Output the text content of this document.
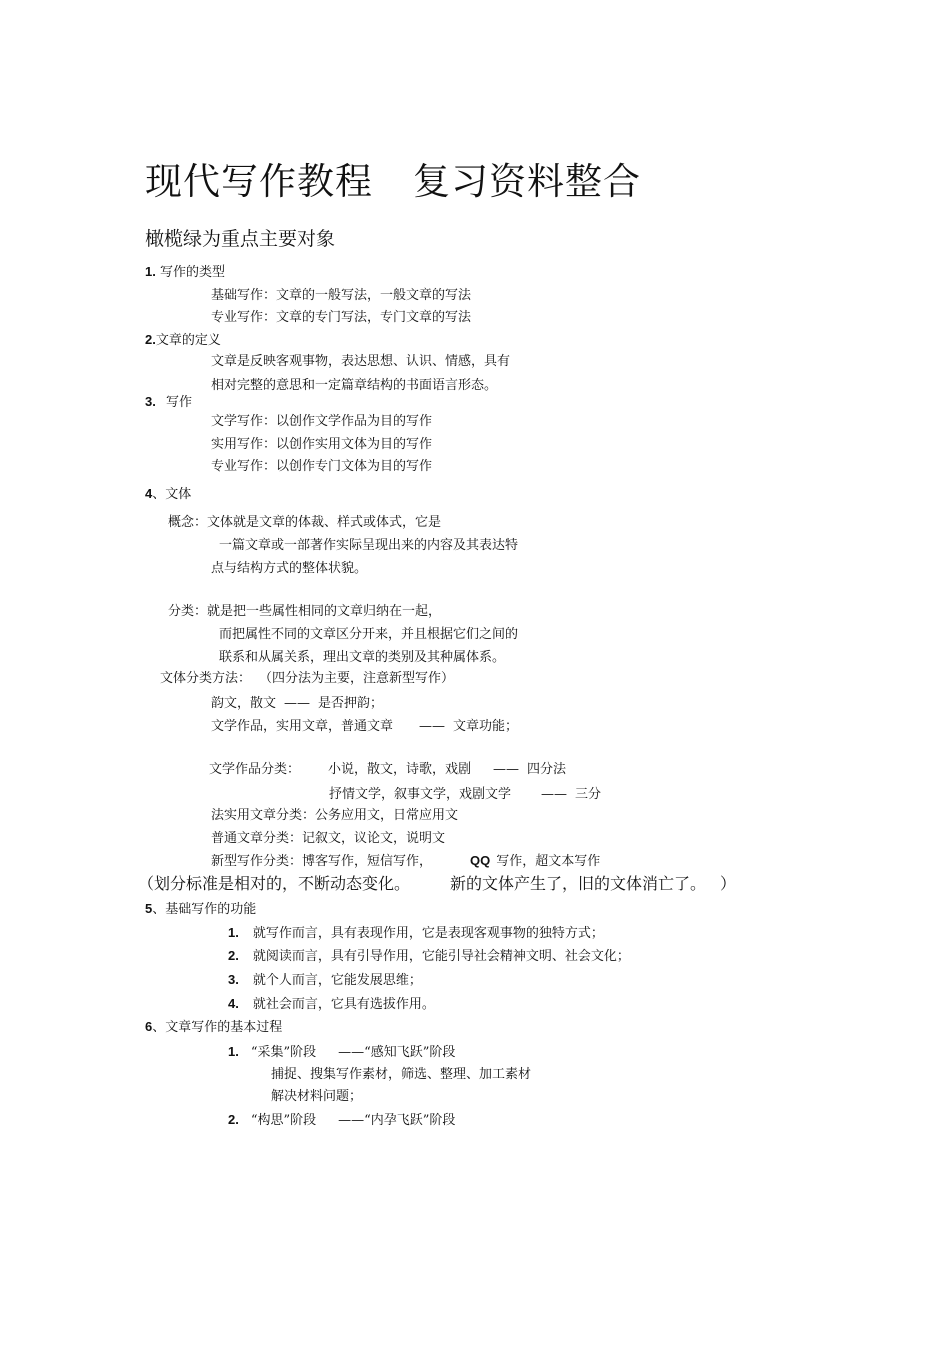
现代写作教程 复习资料整合
橄榄绿为重点主要对象
1. 写作的类型
基础写作：文章的一般写法，一般文章的写法
专业写作：文章的专门写法，专门文章的写法
2.文章的定义
文章是反映客观事物，表达思想、认识、情感，具有
相对完整的意思和一定篇章结构的书面语言形态。
3. 写作
文学写作：以创作文学作品为目的写作
实用写作：以创作实用文体为目的写作
专业写作：以创作专门文体为目的写作
4、文体
概念：文体就是文章的体裁、样式或体式，它是
一篇文章或一部著作实际呈现出来的内容及其表达特
点与结构方式的整体状貌。
分类：就是把一些属性相同的文章归纳在一起，
而把属性不同的文章区分开来，并且根据它们之间的
联系和从属关系，理出文章的类别及其种属体系。
文体分类方法： （四分法为主要，注意新型写作）
韵文，散文 —— 是否押韵；
文学作品，实用文章，普通文章 —— 文章功能；
文学作品分类： 小说，散文，诗歌，戏剧 —— 四分法
抒情文学，叙事文学，戏剧文学 —— 三分
法实用文章分类：公务应用文，日常应用文
普通文章分类：记叙文，议论文，说明文
新型写作分类：博客写作，短信写作，	QQ 写作，超文本写作
（划分标准是相对的，不断动态变化。	新的文体产生了，旧的文体消亡了。 ）
5、基础写作的功能
1. 就写作而言，具有表现作用，它是表现客观事物的独特方式；
2. 就阅读而言，具有引导作用，它能引导社会精神文明、社会文化；
3. 就个人而言，它能发展思维；
4. 就社会而言，它具有选拔作用。
6、文章写作的基本过程
1. “采集”阶段 ——“感知飞跃”阶段
捕捉、搜集写作素材，筛选、整理、加工素材
解决材料问题；
2. “构思”阶段 ——“内孕飞跃”阶段
